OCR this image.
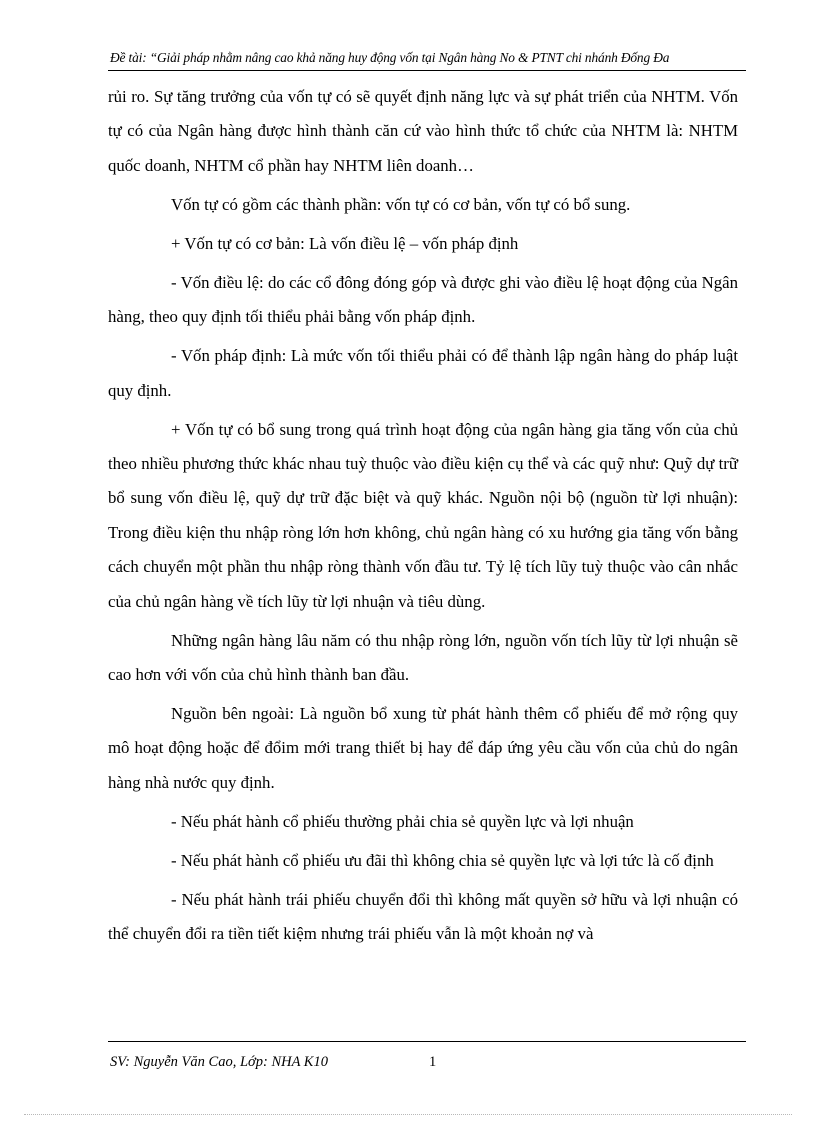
Đề tài: “Giải pháp nhằm nâng cao khả năng huy động vốn tại Ngân hàng No & PTNT chi nhánh Đống Đa

rủi ro. Sự tăng trưởng của vốn tự có sẽ quyết định năng lực và sự phát triển của NHTM. Vốn tự có của Ngân hàng được hình thành căn cứ vào hình thức tổ chức của NHTM là: NHTM quốc doanh, NHTM cổ phần hay NHTM liên doanh…

Vốn tự có gồm các thành phần: vốn tự có cơ bản, vốn tự có bổ sung.

+ Vốn tự có cơ bản: Là vốn điều lệ – vốn pháp định

- Vốn điều lệ: do các cổ đông đóng góp và được ghi vào điều lệ hoạt động của Ngân hàng, theo quy định tối thiểu phải bằng vốn pháp định.

- Vốn pháp định: Là mức vốn tối thiểu phải có để thành lập ngân hàng do pháp luật quy định.

+ Vốn tự có bổ sung trong quá trình hoạt động của ngân hàng gia tăng vốn của chủ theo nhiều phương thức khác nhau tuỳ thuộc vào điều kiện cụ thể và các quỹ như: Quỹ dự trữ bổ sung vốn điều lệ, quỹ dự trữ đặc biệt và quỹ khác. Nguồn nội bộ (nguồn từ lợi nhuận): Trong điều kiện thu nhập ròng lớn hơn không, chủ ngân hàng có xu hướng gia tăng vốn bằng cách chuyển một phần thu nhập ròng thành vốn đầu tư. Tỷ lệ tích lũy tuỳ thuộc vào cân nhắc của chủ ngân hàng về tích lũy từ lợi nhuận và tiêu dùng.

Những ngân hàng lâu năm có thu nhập ròng lớn, nguồn vốn tích lũy từ lợi nhuận sẽ cao hơn với vốn của chủ hình thành ban đầu.

Nguồn bên ngoài: Là nguồn bổ xung từ phát hành thêm cổ phiếu để mở rộng quy mô hoạt động hoặc để đổim mới trang thiết bị hay để đáp ứng yêu cầu vốn của chủ do ngân hàng nhà nước quy định.

- Nếu phát hành cổ phiếu thường phải chia sẻ quyền lực và lợi nhuận

- Nếu phát hành cổ phiếu ưu đãi thì không chia sẻ quyền lực và lợi tức là cố định

- Nếu phát hành trái phiếu chuyển đổi thì không mất quyền sở hữu và lợi nhuận có thể chuyển đổi ra tiền tiết kiệm nhưng trái phiếu vẫn là một khoản nợ và

SV: Nguyễn Văn Cao, Lớp: NHA K10	1
